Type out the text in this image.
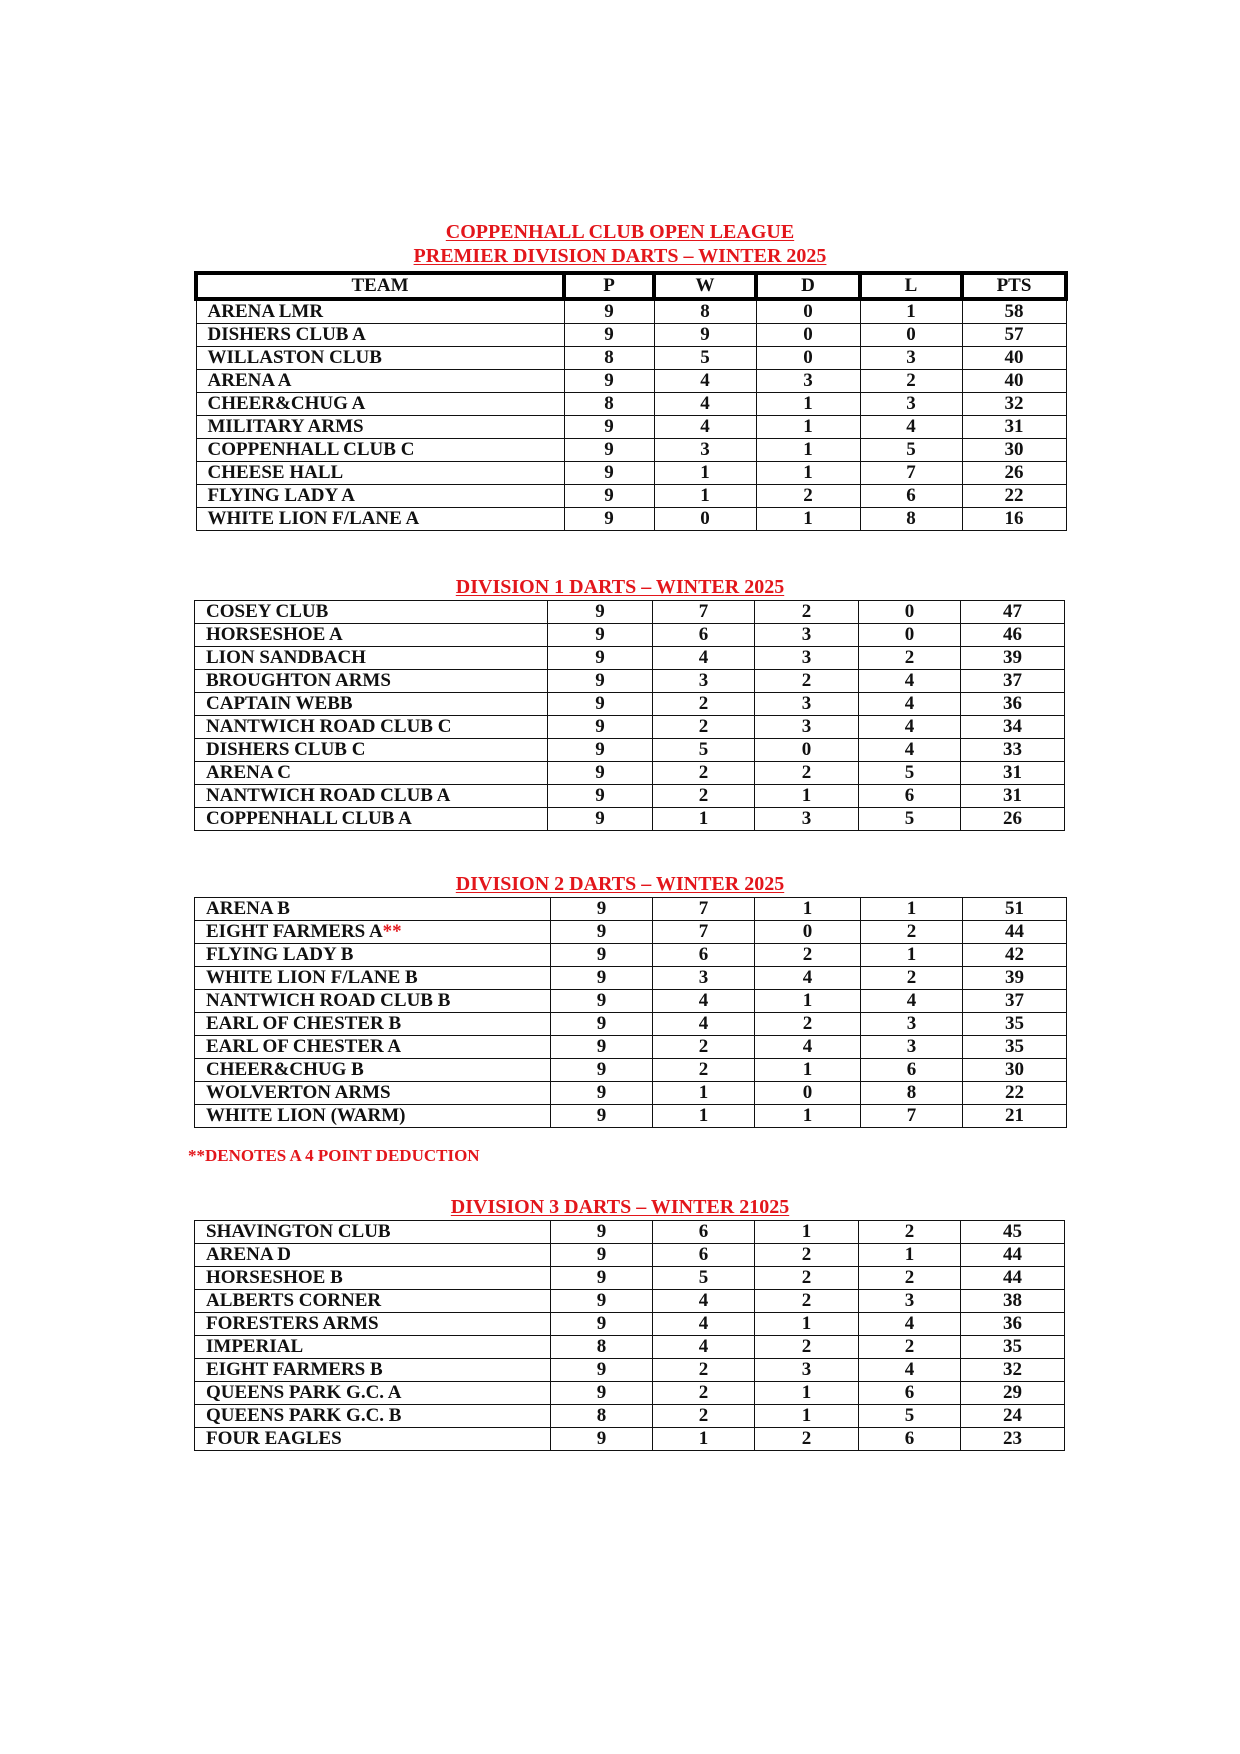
COPPENHALL CLUB OPEN LEAGUE
PREMIER DIVISION DARTS – WINTER 2025
TEAM	P	W	D	L	PTS
ARENA LMR	9	8	0	1	58
DISHERS CLUB A	9	9	0	0	57
WILLASTON CLUB	8	5	0	3	40
ARENA A	9	4	3	2	40
CHEER&CHUG A	8	4	1	3	32
MILITARY ARMS	9	4	1	4	31
COPPENHALL CLUB C	9	3	1	5	30
CHEESE HALL	9	1	1	7	26
FLYING LADY A	9	1	2	6	22
WHITE LION F/LANE A	9	0	1	8	16
DIVISION 1 DARTS – WINTER 2025
COSEY CLUB	9	7	2	0	47
HORSESHOE A	9	6	3	0	46
LION SANDBACH	9	4	3	2	39
BROUGHTON ARMS	9	3	2	4	37
CAPTAIN WEBB	9	2	3	4	36
NANTWICH ROAD CLUB C	9	2	3	4	34
DISHERS CLUB C	9	5	0	4	33
ARENA C	9	2	2	5	31
NANTWICH ROAD CLUB A	9	2	1	6	31
COPPENHALL CLUB A	9	1	3	5	26
DIVISION 2 DARTS – WINTER 2025
ARENA B	9	7	1	1	51
EIGHT FARMERS A**	9	7	0	2	44
FLYING LADY B	9	6	2	1	42
WHITE LION F/LANE B	9	3	4	2	39
NANTWICH ROAD CLUB B	9	4	1	4	37
EARL OF CHESTER B	9	4	2	3	35
EARL OF CHESTER A	9	2	4	3	35
CHEER&CHUG B	9	2	1	6	30
WOLVERTON ARMS	9	1	0	8	22
WHITE LION (WARM)	9	1	1	7	21
**DENOTES A 4 POINT DEDUCTION
DIVISION 3 DARTS – WINTER 21025
SHAVINGTON CLUB	9	6	1	2	45
ARENA D	9	6	2	1	44
HORSESHOE B	9	5	2	2	44
ALBERTS CORNER	9	4	2	3	38
FORESTERS ARMS	9	4	1	4	36
IMPERIAL	8	4	2	2	35
EIGHT FARMERS B	9	2	3	4	32
QUEENS PARK G.C. A	9	2	1	6	29
QUEENS PARK G.C. B	8	2	1	5	24
FOUR EAGLES	9	1	2	6	23
